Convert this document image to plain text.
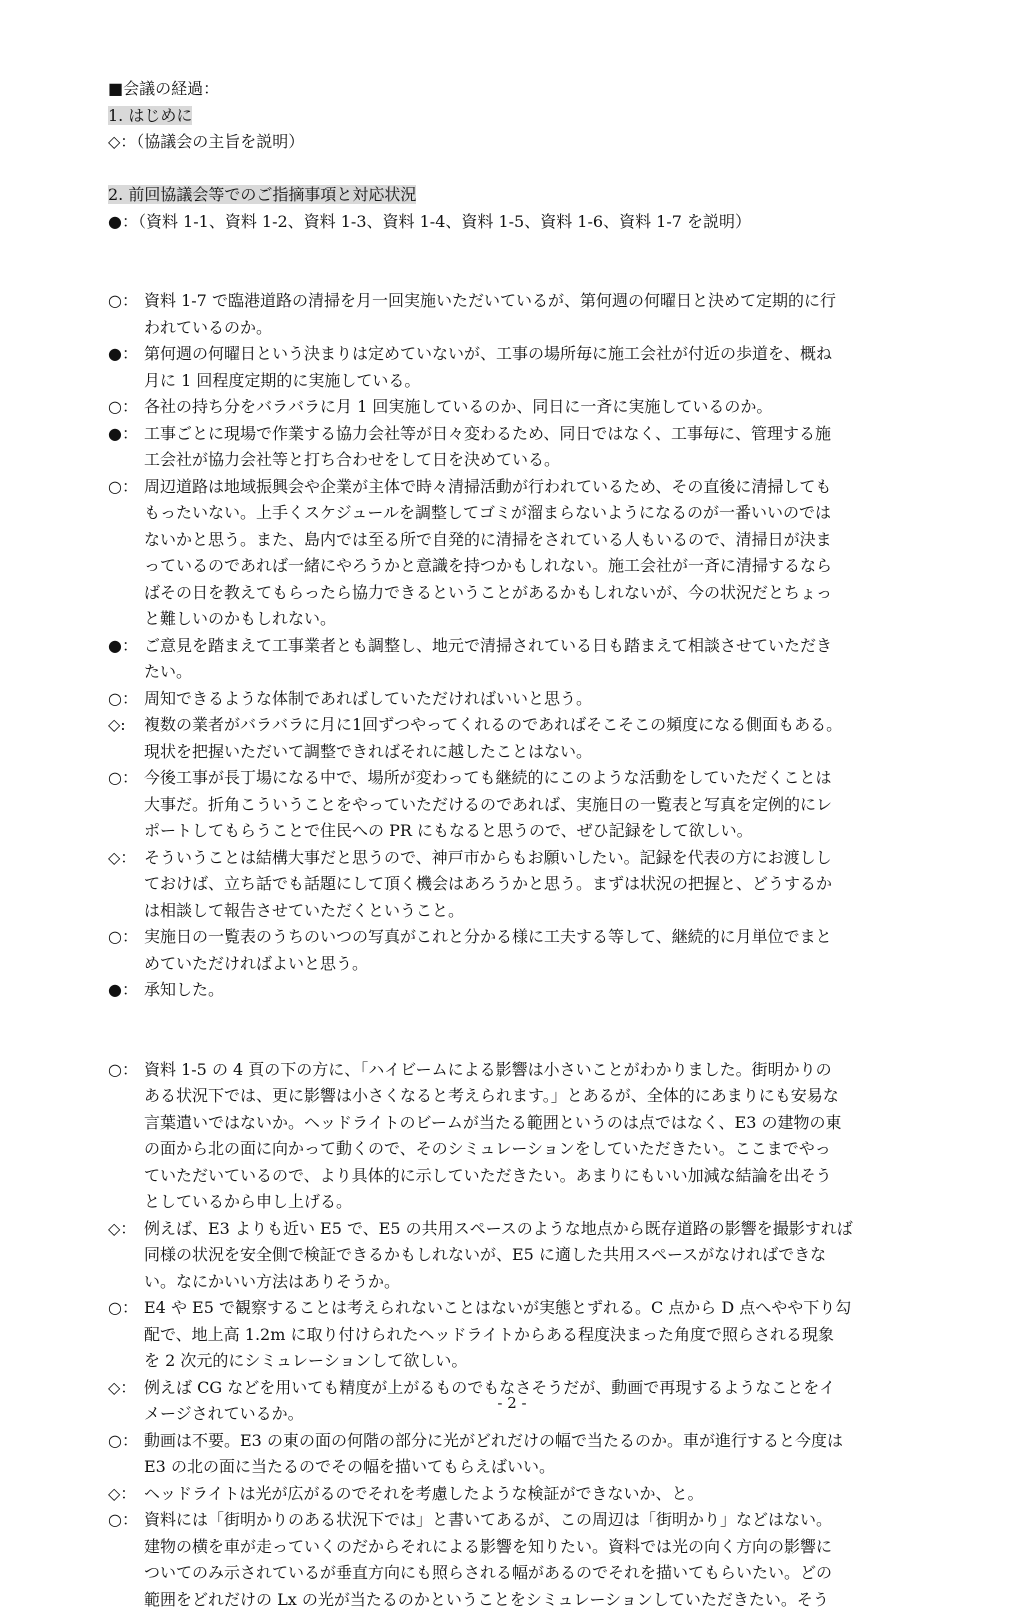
■会議の経過：
1. はじめに
◇：（協議会の主旨を説明）
2. 前回協議会等でのご指摘事項と対応状況
●：（資料 1-1、資料 1-2、資料 1-3、資料 1-4、資料 1-5、資料 1-6、資料 1-7 を説明）
○： 資料 1-7 で臨港道路の清掃を月一回実施いただいているが、第何週の何曜日と決めて定期的に行
われているのか。
●： 第何週の何曜日という決まりは定めていないが、工事の場所毎に施工会社が付近の歩道を、概ね
月に 1 回程度定期的に実施している。
○： 各社の持ち分をバラバラに月 1 回実施しているのか、同日に一斉に実施しているのか。
●： 工事ごとに現場で作業する協力会社等が日々変わるため、同日ではなく、工事毎に、管理する施
工会社が協力会社等と打ち合わせをして日を決めている。
○： 周辺道路は地域振興会や企業が主体で時々清掃活動が行われているため、その直後に清掃しても
もったいない。上手くスケジュールを調整してゴミが溜まらないようになるのが一番いいのでは
ないかと思う。また、島内では至る所で自発的に清掃をされている人もいるので、清掃日が決ま
っているのであれば一緒にやろうかと意識を持つかもしれない。施工会社が一斉に清掃するなら
ばその日を教えてもらったら協力できるということがあるかもしれないが、今の状況だとちょっ
と難しいのかもしれない。
●： ご意見を踏まえて工事業者とも調整し、地元で清掃されている日も踏まえて相談させていただき
たい。
○： 周知できるような体制であればしていただければいいと思う。
◇:	複数の業者がバラバラに月に1回ずつやってくれるのであればそこそこの頻度になる側面もある。
現状を把握いただいて調整できればそれに越したことはない。
○： 今後工事が長丁場になる中で、場所が変わっても継続的にこのような活動をしていただくことは
大事だ。折角こういうことをやっていただけるのであれば、実施日の一覧表と写真を定例的にレ
ポートしてもらうことで住民への PR にもなると思うので、ぜひ記録をして欲しい。
◇： そういうことは結構大事だと思うので、神戸市からもお願いしたい。記録を代表の方にお渡しし
ておけば、立ち話でも話題にして頂く機会はあろうかと思う。まずは状況の把握と、どうするか
は相談して報告させていただくということ。
○： 実施日の一覧表のうちのいつの写真がこれと分かる様に工夫する等して、継続的に月単位でまと
めていただければよいと思う。
●： 承知した。
○： 資料 1-5 の 4 頁の下の方に、「ハイビームによる影響は小さいことがわかりました。街明かりの
ある状況下では、更に影響は小さくなると考えられます。」とあるが、全体的にあまりにも安易な
言葉遣いではないか。ヘッドライトのビームが当たる範囲というのは点ではなく、E3 の建物の東
の面から北の面に向かって動くので、そのシミュレーションをしていただきたい。ここまでやっ
ていただいているので、より具体的に示していただきたい。あまりにもいい加減な結論を出そう
としているから申し上げる。
◇： 例えば、E3 よりも近い E5 で、E5 の共用スペースのような地点から既存道路の影響を撮影すれば
同様の状況を安全側で検証できるかもしれないが、E5 に適した共用スペースがなければできな
い。なにかいい方法はありそうか。
○： E4 や E5 で観察することは考えられないことはないが実態とずれる。C 点から D 点へやや下り勾
配で、地上高 1.2m に取り付けられたヘッドライトからある程度決まった角度で照らされる現象
を 2 次元的にシミュレーションして欲しい。
◇： 例えば CG などを用いても精度が上がるものでもなさそうだが、動画で再現するようなことをイ
メージされているか。
○： 動画は不要。E3 の東の面の何階の部分に光がどれだけの幅で当たるのか。車が進行すると今度は
E3 の北の面に当たるのでその幅を描いてもらえばいい。
◇： ヘッドライトは光が広がるのでそれを考慮したような検証ができないか、と。
○： 資料には「街明かりのある状況下では」と書いてあるが、この周辺は「街明かり」などはない。
建物の横を車が走っていくのだからそれによる影響を知りたい。資料では光の向く方向の影響に
ついてのみ示されているが垂直方向にも照らされる幅があるのでそれを描いてもらいたい。どの
範囲をどれだけの Lx の光が当たるのかということをシミュレーションしていただきたい。そう
- 2 -
